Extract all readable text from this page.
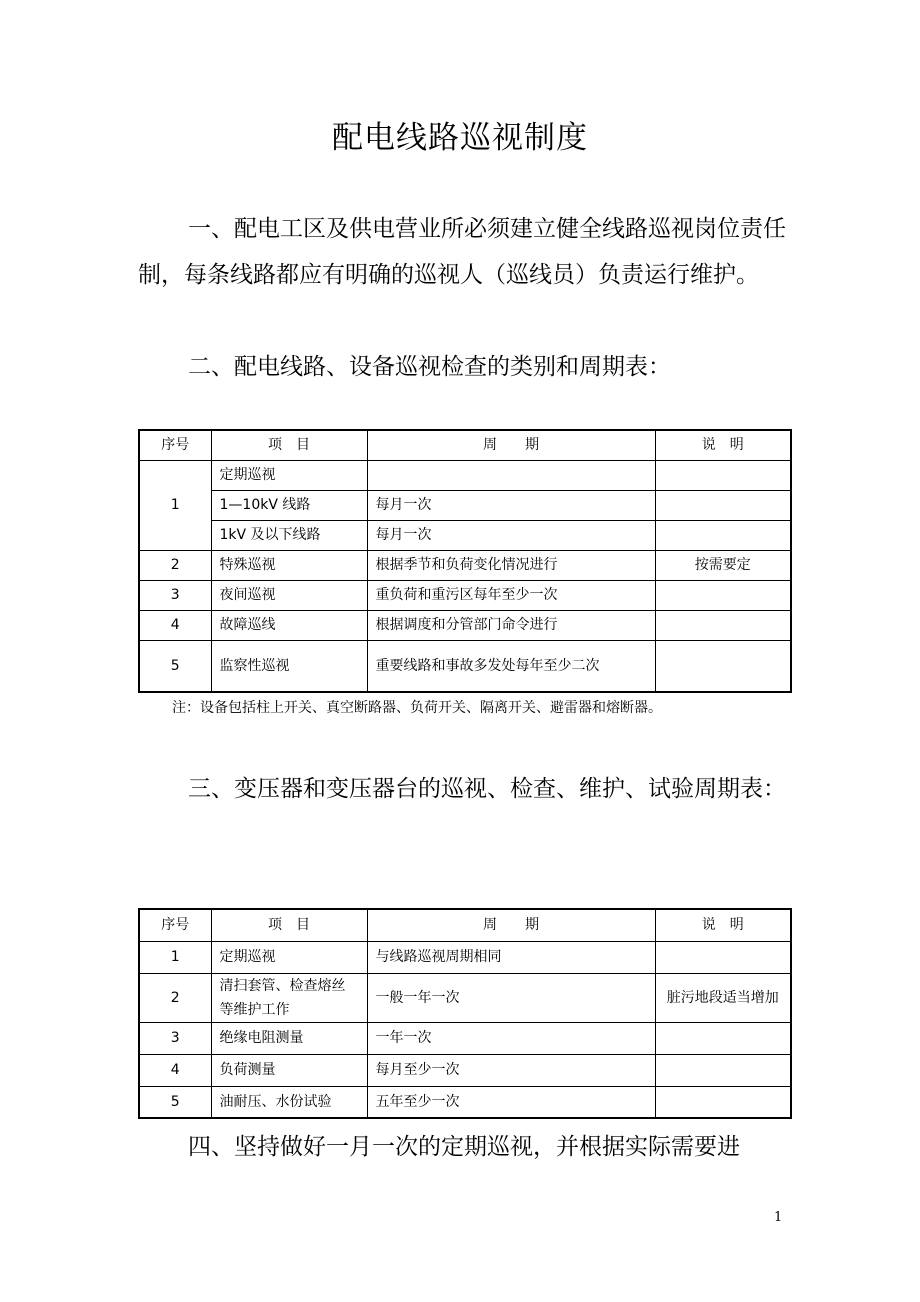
配电线路巡视制度
一、配电工区及供电营业所必须建立健全线路巡视岗位责任制，每条线路都应有明确的巡视人（巡线员）负责运行维护。
二、配电线路、设备巡视检查的类别和周期表：
序号	项　目	周　　期	说　明
1	定期巡视		
	1—10kV 线路	每月一次	
	1kV 及以下线路	每月一次	
2	特殊巡视	根据季节和负荷变化情况进行	按需要定
3	夜间巡视	重负荷和重污区每年至少一次	
4	故障巡线	根据调度和分管部门命令进行	
5	监察性巡视	重要线路和事故多发处每年至少二次	
注：设备包括柱上开关、真空断路器、负荷开关、隔离开关、避雷器和熔断器。
三、变压器和变压器台的巡视、检查、维护、试验周期表：
序号	项　目	周　　期	说　明
1	定期巡视	与线路巡视周期相同	
2	清扫套管、检查熔丝等维护工作	一般一年一次	脏污地段适当增加
3	绝缘电阻测量	一年一次	
4	负荷测量	每月至少一次	
5	油耐压、水份试验	五年至少一次	
四、坚持做好一月一次的定期巡视，并根据实际需要进
1
